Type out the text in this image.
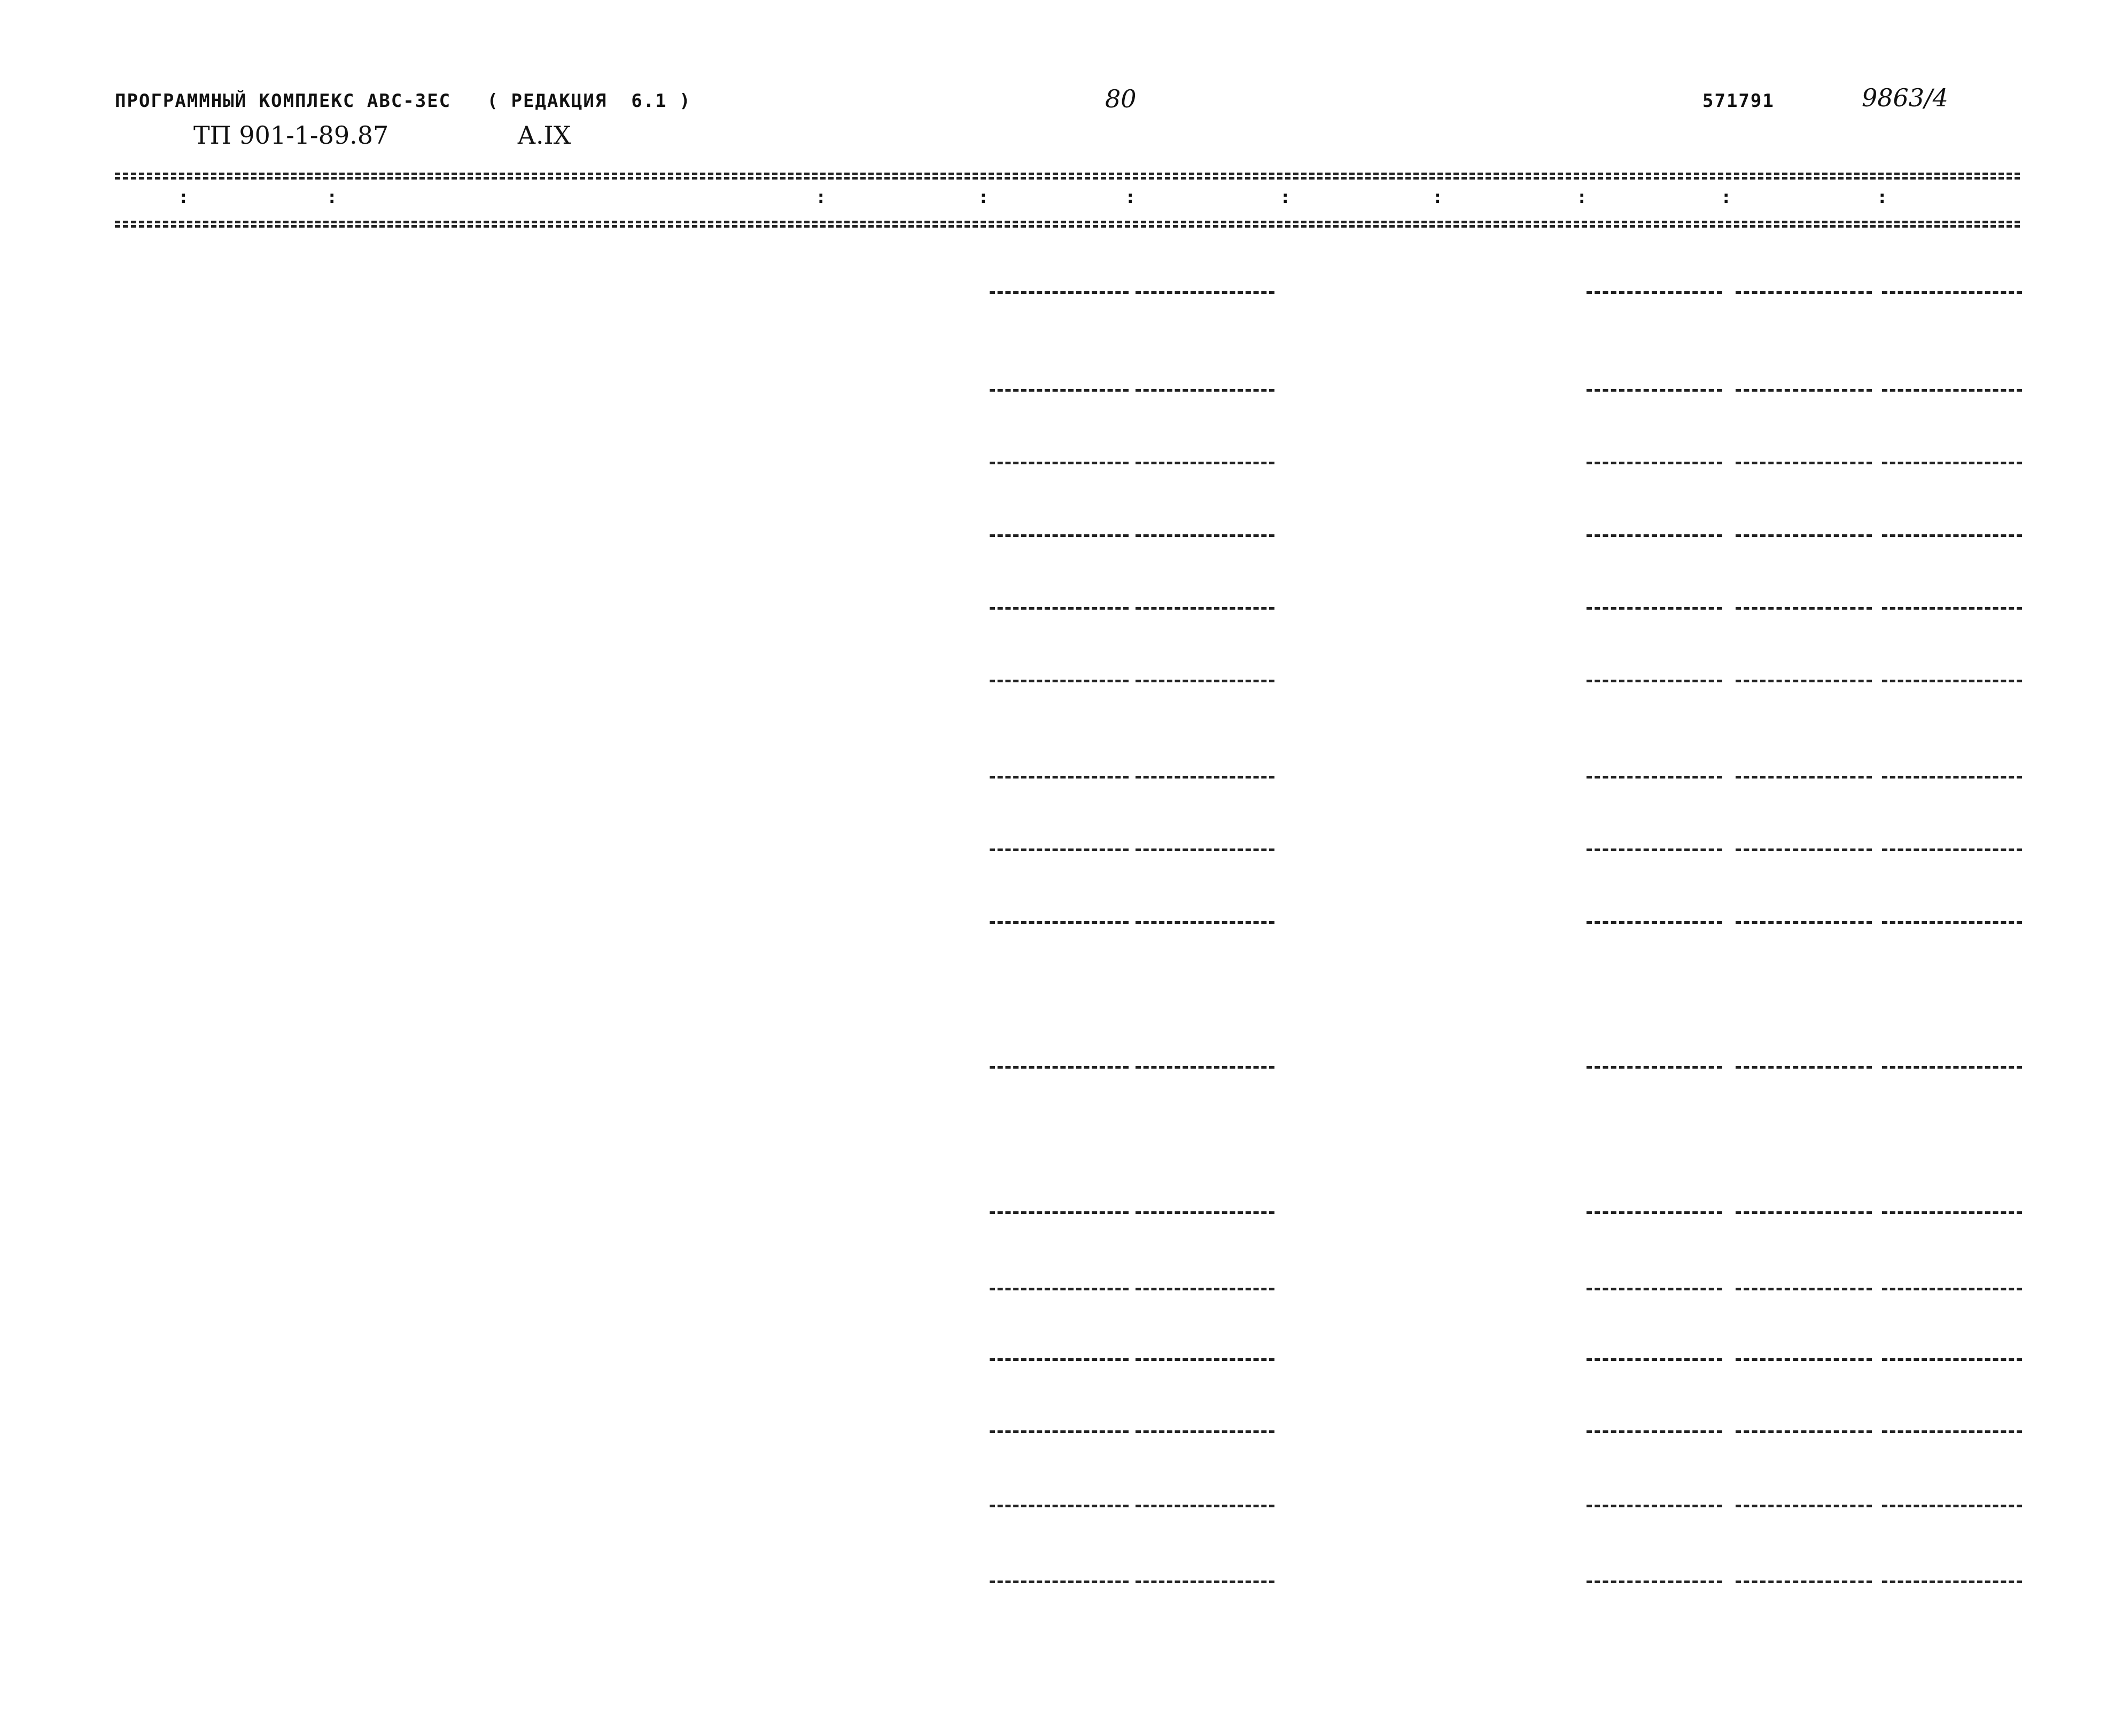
ПРОГРАММНЫЙ КОМПЛЕКС АВС-ЗЕС   ( РЕДАКЦИЯ  6.1 )	80	571791	9863/4
ТП 901-1-89.87	А.IX
:	:	:	:	:	:	:	:	:	:
